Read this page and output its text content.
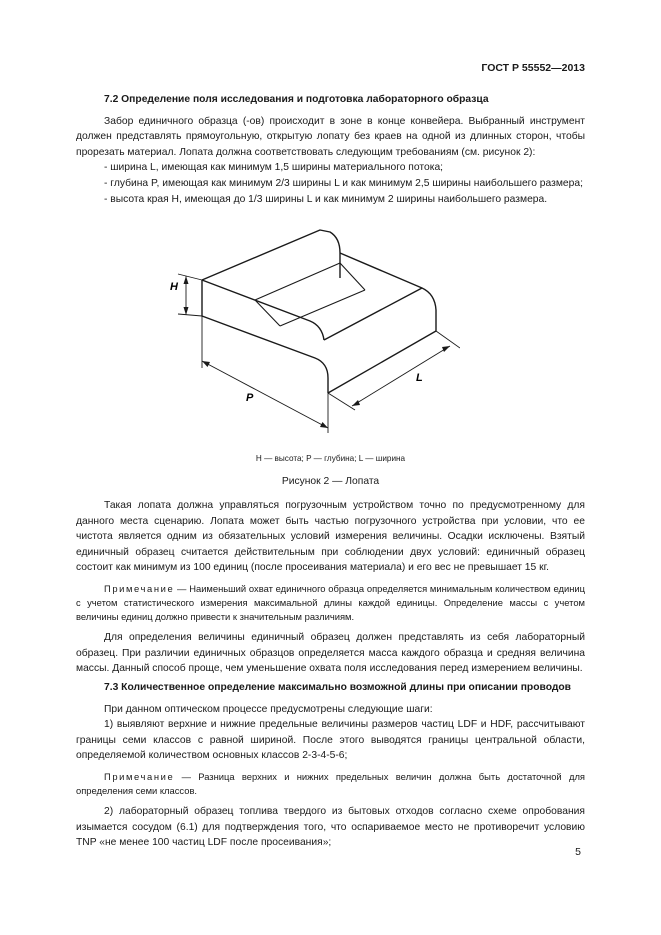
ГОСТ Р 55552—2013

7.2 Определение поля исследования и подготовка лабораторного образца

Забор единичного образца (-ов) происходит в зоне в конце конвейера. Выбранный инструмент должен представлять прямоугольную, открытую лопату без краев на одной из длинных сторон, чтобы прорезать материал. Лопата должна соответствовать следующим требованиям (см. рисунок 2):

- ширина L, имеющая как минимум 1,5 ширины материального потока;

- глубина P, имеющая как минимум 2/3 ширины L и как минимум 2,5 ширины наибольшего размера;

- высота края H, имеющая до 1/3 ширины L и как минимум 2 ширины наибольшего размера.

H
P
L
H — высота; P — глубина; L — ширина
Рисунок 2 — Лопата

Такая лопата должна управляться погрузочным устройством точно по предусмотренному для данного места сценарию. Лопата может быть частью погрузочного устройства при условии, что ее чистота является одним из обязательных условий измерения величины. Осадки исключены. Взятый единичный образец считается действительным при соблюдении двух условий: единичный образец состоит как минимум из 100 единиц (после просеивания материала) и его вес не превышает 15 кг.

Примечание — Наименьший охват единичного образца определяется минимальным количеством единиц с учетом статистического измерения максимальной длины каждой единицы. Определение массы с учетом величины единиц должно привести к значительным различиям.

Для определения величины единичный образец должен представлять из себя лабораторный образец. При различии единичных образцов определяется масса каждого образца и средняя величина массы. Данный способ проще, чем уменьшение охвата поля исследования перед измерением величины.

7.3 Количественное определение максимально возможной длины при описании проводов

При данном оптическом процессе предусмотрены следующие шаги:

1) выявляют верхние и нижние предельные величины размеров частиц LDF и HDF, рассчитывают границы семи классов с равной шириной. После этого выводятся границы центральной области, определяемой количеством основных классов 2-3-4-5-6;

Примечание — Разница верхних и нижних предельных величин должна быть достаточной для определения семи классов.

2) лабораторный образец топлива твердого из бытовых отходов согласно схеме опробования изымается сосудом (6.1) для подтверждения того, что оспариваемое место не противоречит условию TNP «не менее 100 частиц LDF после просеивания»;

5
